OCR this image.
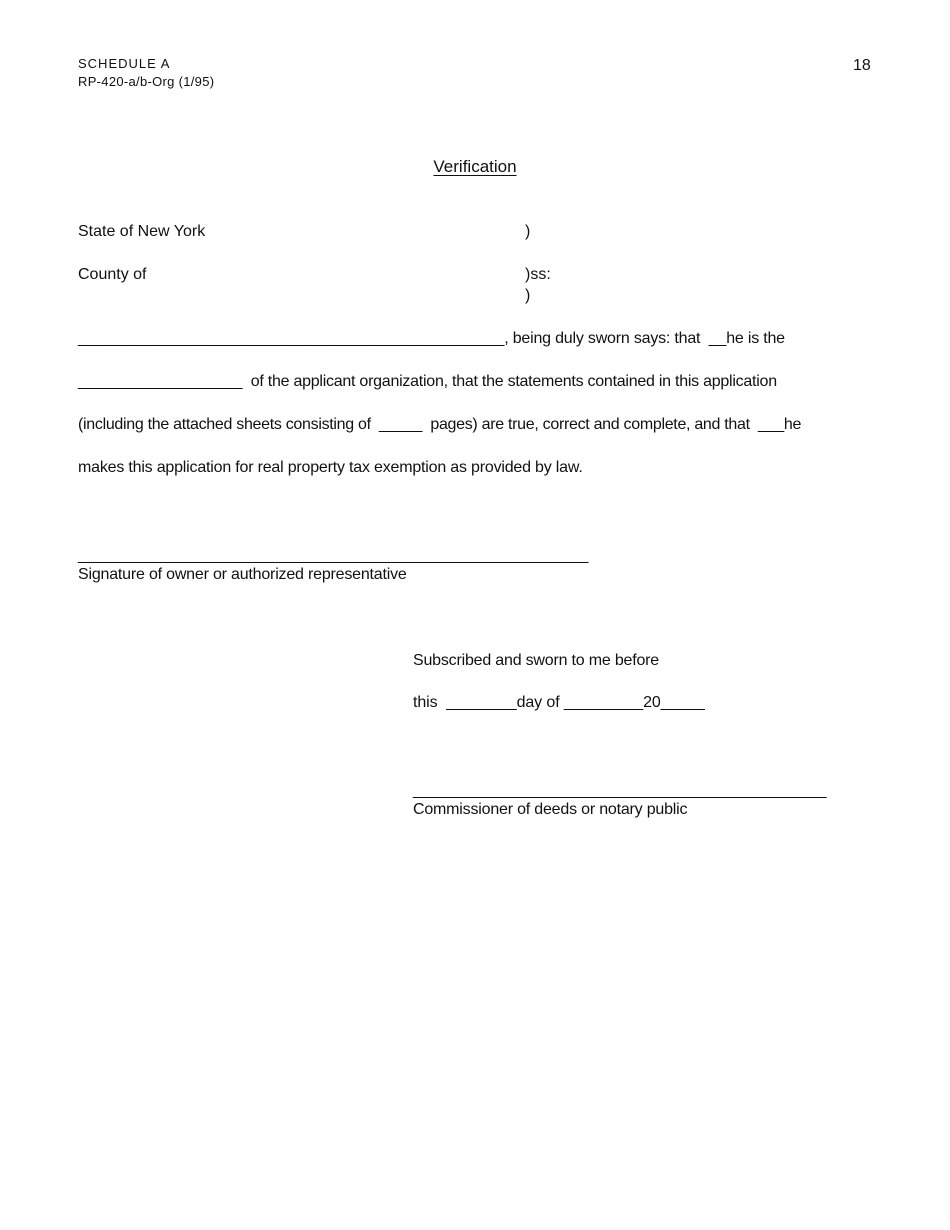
SCHEDULE A
RP-420-a/b-Org (1/95)
18
Verification
State of New York	)
County of	)ss:
)
_________________________________________________, being duly sworn says: that  __he is the
___________________  of the applicant organization, that the statements contained in this application
(including the attached sheets consisting of  _____  pages) are true, correct and complete, and that  ___he
makes this application for real property tax exemption as provided by law.
__________________________________________________________
Signature of owner or authorized representative
Subscribed and sworn to me before
this  ________day of _________20_____
_______________________________________________
Commissioner of deeds or notary public
